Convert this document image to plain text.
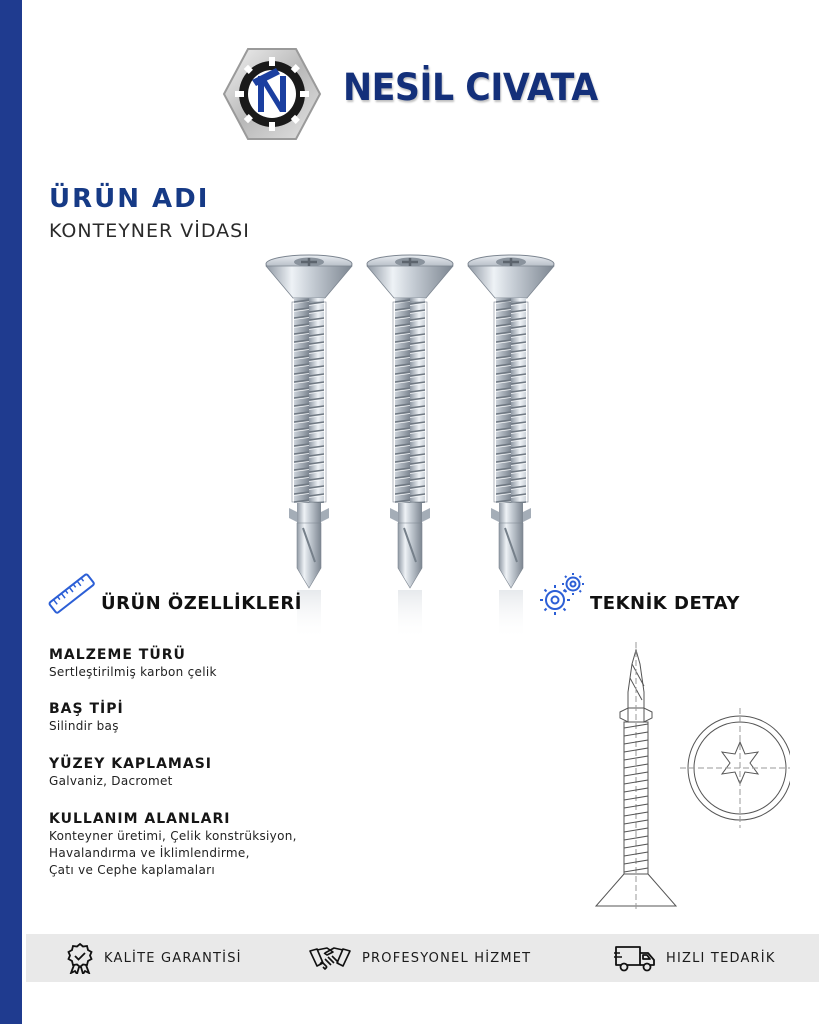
NESİL CIVATA
ÜRÜN ADI
KONTEYNER VİDASI
ÜRÜN ÖZELLİKLERİ	TEKNİK DETAY
MALZEME TÜRÜ
Sertleştirilmiş karbon çelik
BAŞ TİPİ
Silindir baş
YÜZEY KAPLAMASI
Galvaniz, Dacromet
KULLANIM ALANLARI
Konteyner üretimi, Çelik konstrüksiyon,
Havalandırma ve İklimlendirme,
Çatı ve Cephe kaplamaları
KALİTE GARANTİSİ	PROFESYONEL HİZMET	HIZLI TEDARİK
